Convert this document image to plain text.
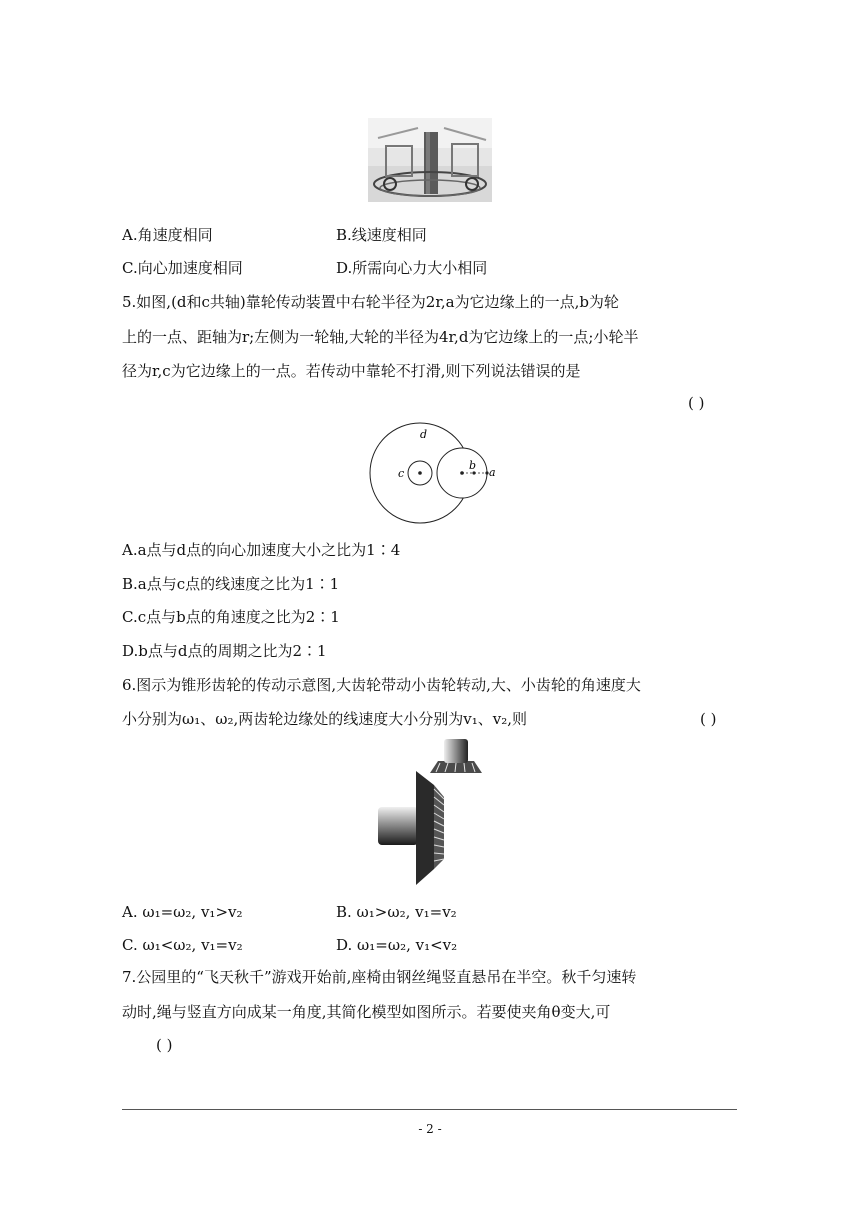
A.角速度相同	B.线速度相同
C.向心加速度相同	D.所需向心力大小相同
5.如图,(d和c共轴)靠轮传动装置中右轮半径为2r,a为它边缘上的一点,b为轮
上的一点、距轴为r;左侧为一轮轴,大轮的半径为4r,d为它边缘上的一点;小轮半
径为r,c为它边缘上的一点。若传动中靠轮不打滑,则下列说法错误的是
( )
d
c
b
a
A.a点与d点的向心加速度大小之比为1∶4
B.a点与c点的线速度之比为1∶1
C.c点与b点的角速度之比为2∶1
D.b点与d点的周期之比为2∶1
6.图示为锥形齿轮的传动示意图,大齿轮带动小齿轮转动,大、小齿轮的角速度大
小分别为ω₁、ω₂,两齿轮边缘处的线速度大小分别为v₁、v₂,则	( )
A. ω₁=ω₂, v₁>v₂	B. ω₁>ω₂, v₁=v₂
C. ω₁<ω₂, v₁=v₂	D. ω₁=ω₂, v₁<v₂
7.公园里的“飞天秋千”游戏开始前,座椅由钢丝绳竖直悬吊在半空。秋千匀速转
动时,绳与竖直方向成某一角度,其简化模型如图所示。若要使夹角θ变大,可
( )
- 2 -
